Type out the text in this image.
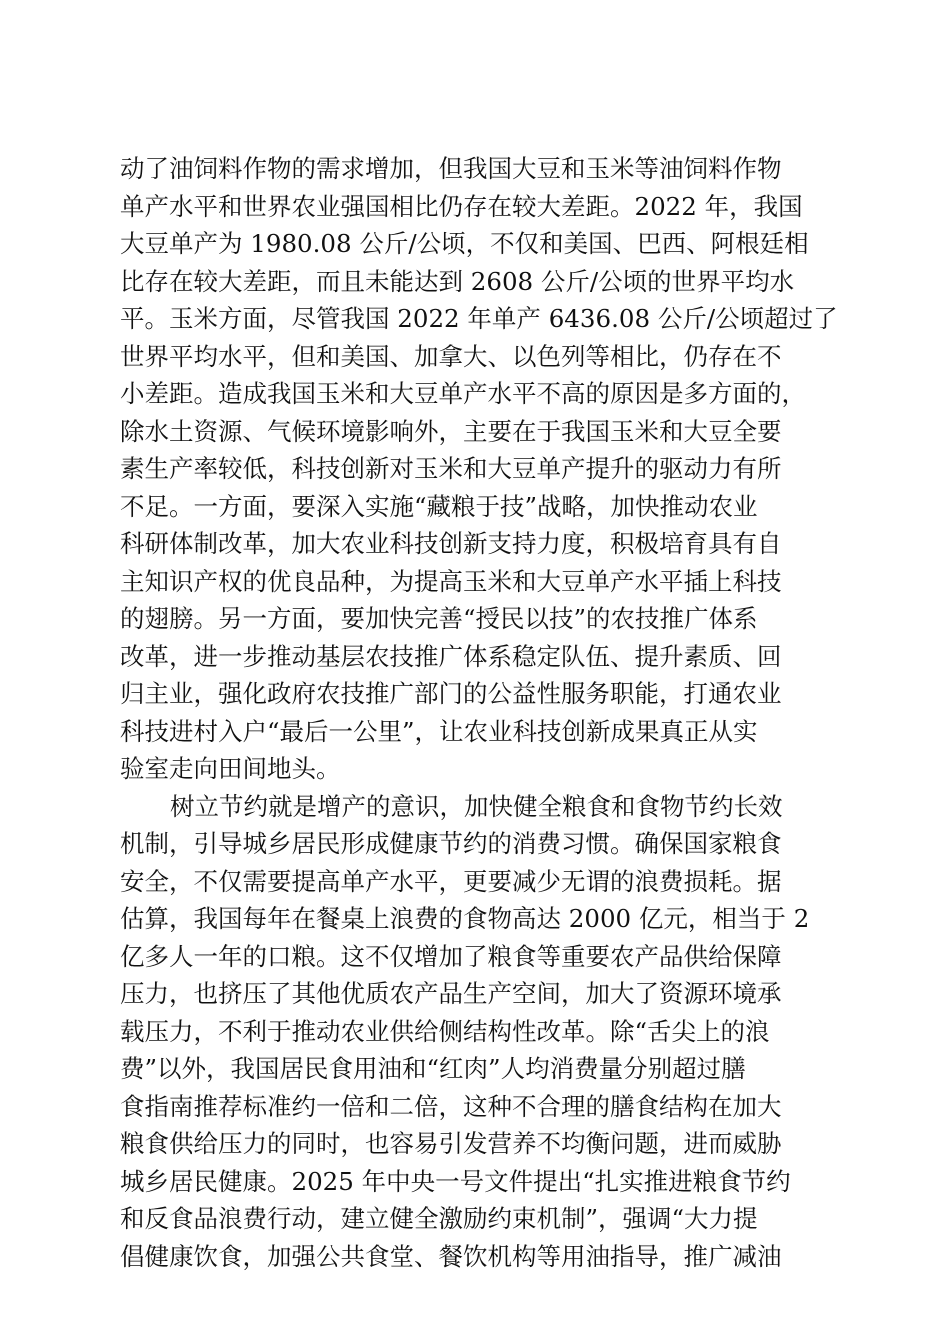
动了油饲料作物的需求增加，但我国大豆和玉米等油饲料作物
单产水平和世界农业强国相比仍存在较大差距。2022 年，我国
大豆单产为 1980.08 公斤/公顷，不仅和美国、巴西、阿根廷相
比存在较大差距，而且未能达到 2608 公斤/公顷的世界平均水
平。玉米方面，尽管我国 2022 年单产 6436.08 公斤/公顷超过了
世界平均水平，但和美国、加拿大、以色列等相比，仍存在不
小差距。造成我国玉米和大豆单产水平不高的原因是多方面的，
除水土资源、气候环境影响外，主要在于我国玉米和大豆全要
素生产率较低，科技创新对玉米和大豆单产提升的驱动力有所
不足。一方面，要深入实施“藏粮于技”战略，加快推动农业
科研体制改革，加大农业科技创新支持力度，积极培育具有自
主知识产权的优良品种，为提高玉米和大豆单产水平插上科技
的翅膀。另一方面，要加快完善“授民以技”的农技推广体系
改革，进一步推动基层农技推广体系稳定队伍、提升素质、回
归主业，强化政府农技推广部门的公益性服务职能，打通农业
科技进村入户“最后一公里”，让农业科技创新成果真正从实
验室走向田间地头。
树立节约就是增产的意识，加快健全粮食和食物节约长效
机制，引导城乡居民形成健康节约的消费习惯。确保国家粮食
安全，不仅需要提高单产水平，更要减少无谓的浪费损耗。据
估算，我国每年在餐桌上浪费的食物高达 2000 亿元，相当于 2
亿多人一年的口粮。这不仅增加了粮食等重要农产品供给保障
压力，也挤压了其他优质农产品生产空间，加大了资源环境承
载压力，不利于推动农业供给侧结构性改革。除“舌尖上的浪
费”以外，我国居民食用油和“红肉”人均消费量分别超过膳
食指南推荐标准约一倍和二倍，这种不合理的膳食结构在加大
粮食供给压力的同时，也容易引发营养不均衡问题，进而威胁
城乡居民健康。2025 年中央一号文件提出“扎实推进粮食节约
和反食品浪费行动，建立健全激励约束机制”，强调“大力提
倡健康饮食，加强公共食堂、餐饮机构等用油指导，推广减油
